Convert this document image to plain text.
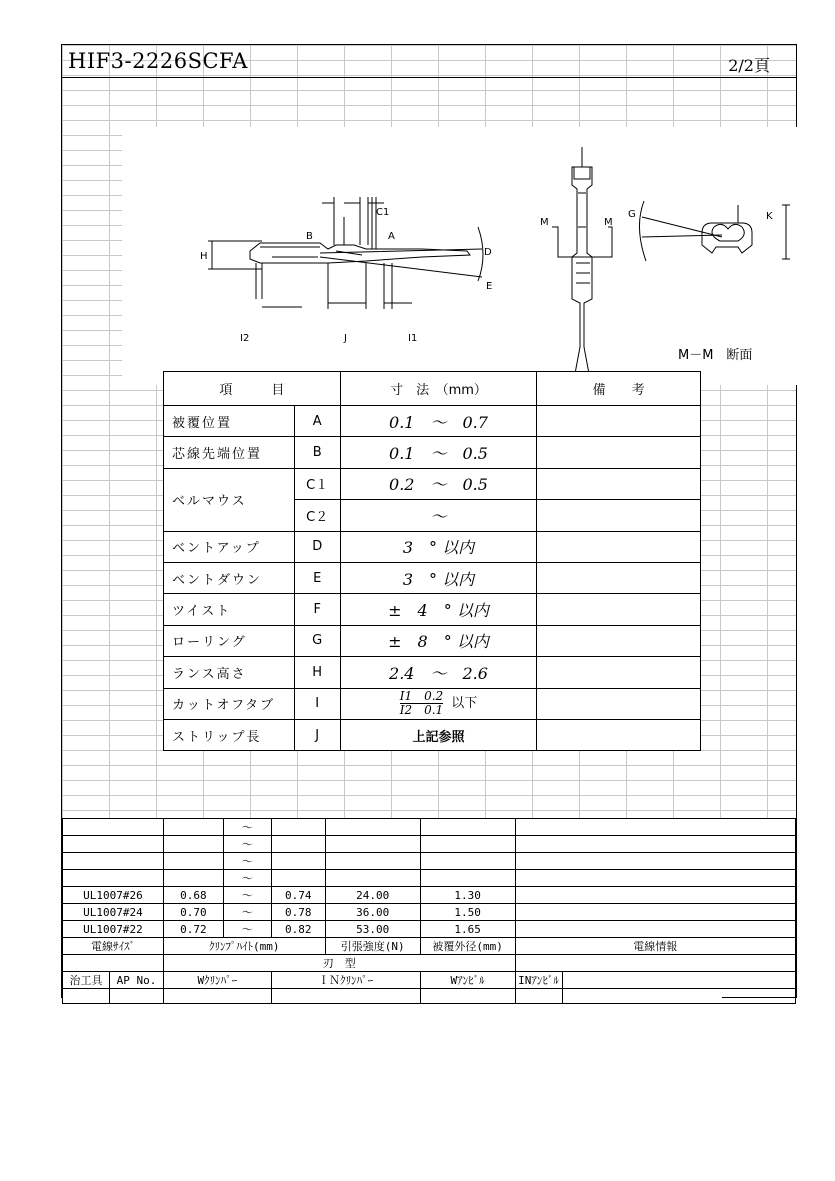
HIF3-2226SCFA	2/2頁
C1
B	A
H	D
E
I2	J	I1
M	M
G	K
M－M　断面
項　　　目		寸　法　（mm）	備　　考
被覆位置	A	0.1　〜　0.7	
芯線先端位置	B	0.1　〜　0.5	
ベルマウス	C１	0.2　〜　0.5	
	C２	〜	
ベントアップ	D	3　° 以内	
ベントダウン	E	3　° 以内	
ツイスト	F	±　4　° 以内	
ローリング	G	±　8　° 以内	
ランス高さ	H	2.4　〜　2.6	
カットオフタブ	I	I1　0.2
I2　0.1 以下	

ストリップ長	J	上記参照	
			〜					
			〜					
			〜					
			〜					
UL1007#26		0.68	〜	0.74	24.00	1.30		
UL1007#24		0.70	〜	0.78	36.00	1.50		
UL1007#22		0.72	〜	0.82	53.00	1.65		
電線ｻｲｽﾞ		ｸﾘﾝﾌﾟﾊｲﾄ(mm)			引張強度(N)	被覆外径(mm)	電線情報	
		刃　型						
治工具	AP No.	Wｸﾘﾝﾊﾟｰ		ＩＮｸﾘﾝﾊﾟｰ		Wｱﾝﾋﾞﾙ	INｱﾝﾋﾞﾙ	
